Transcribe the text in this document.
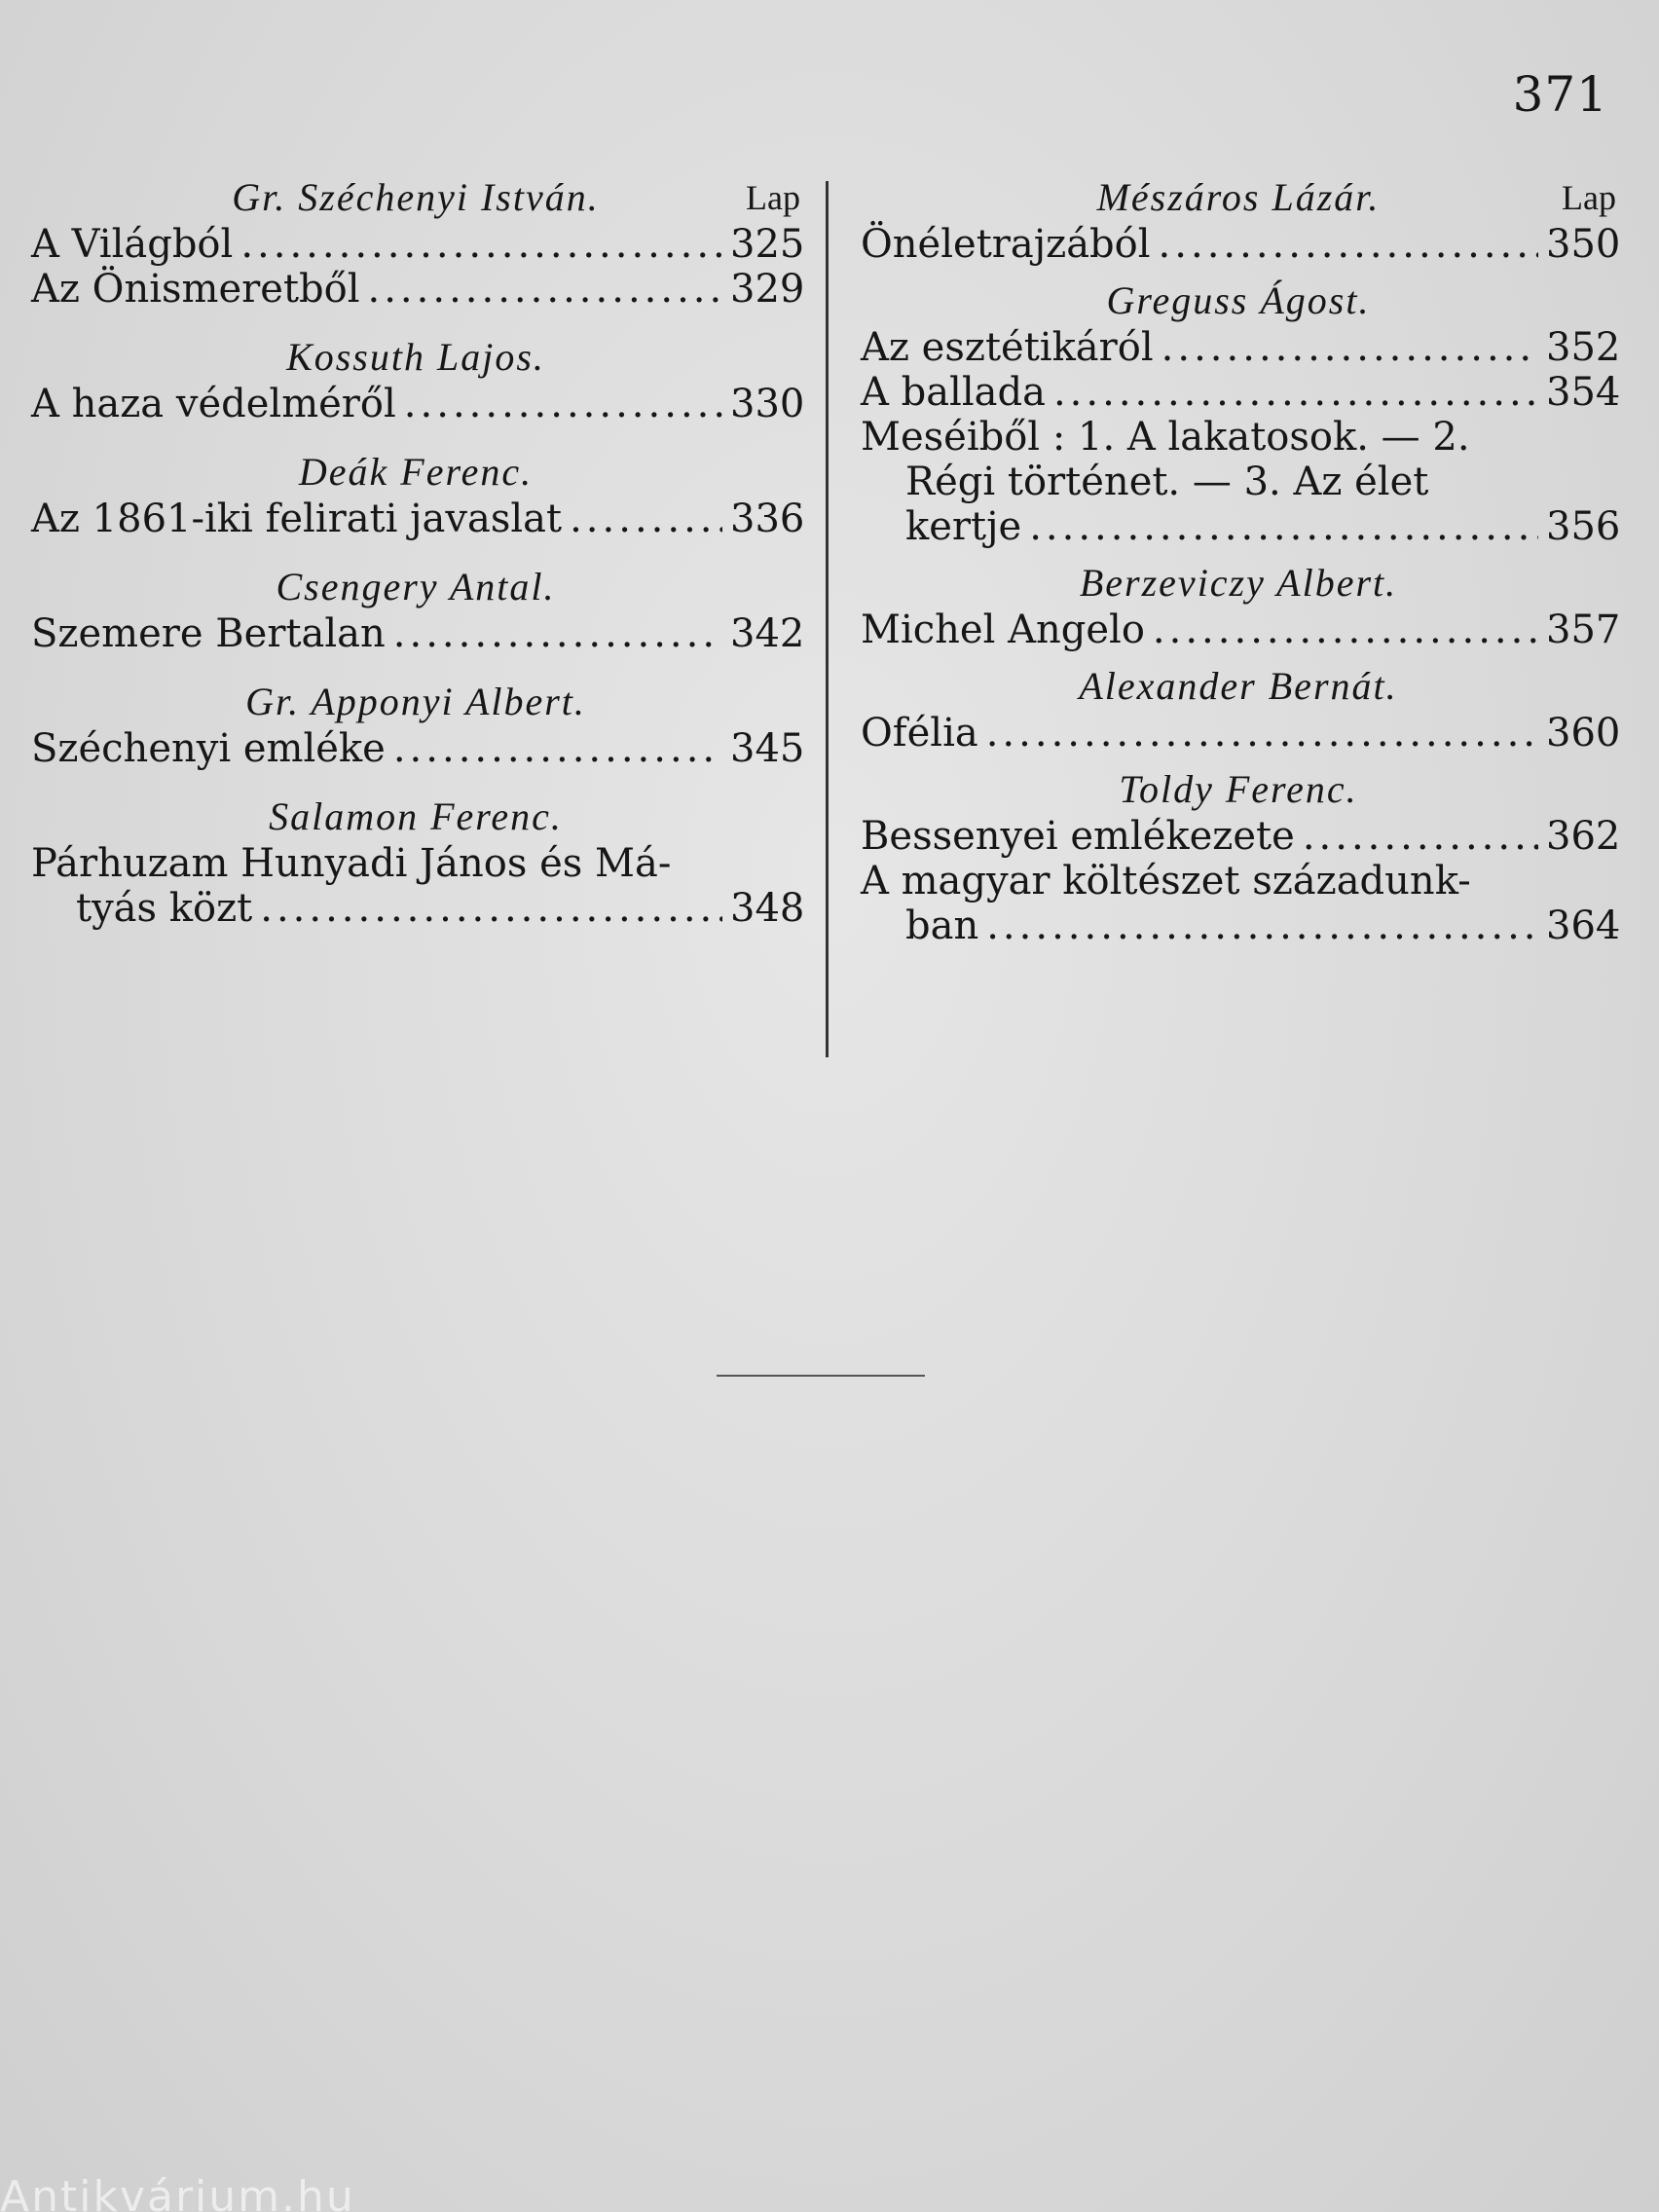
371
Gr. Széchenyi István.	Lap
A Világból .....	325
Az Önismeretből .....	329
Kossuth Lajos.
A haza védelméről .....	330
Deák Ferenc.
Az 1861-iki felirati javaslat .....	336
Csengery Antal.
Szemere Bertalan .....	342
Gr. Apponyi Albert.
Széchenyi emléke .....	345
Salamon Ferenc.
Párhuzam Hunyadi János és Má-
tyás közt .....	348
Mészáros Lázár.	Lap
Önéletrajzából .....	350
Greguss Ágost.
Az esztétikáról .....	352
A ballada .....	354
Meséiből : 1. A lakatosok. — 2.
Régi történet. — 3. Az élet
kertje .....	356
Berzeviczy Albert.
Michel Angelo .....	357
Alexander Bernát.
Ofélia .....	360
Toldy Ferenc.
Bessenyei emlékezete .....	362
A magyar költészet századunk-
ban .....	364
Antikvárium.hu
